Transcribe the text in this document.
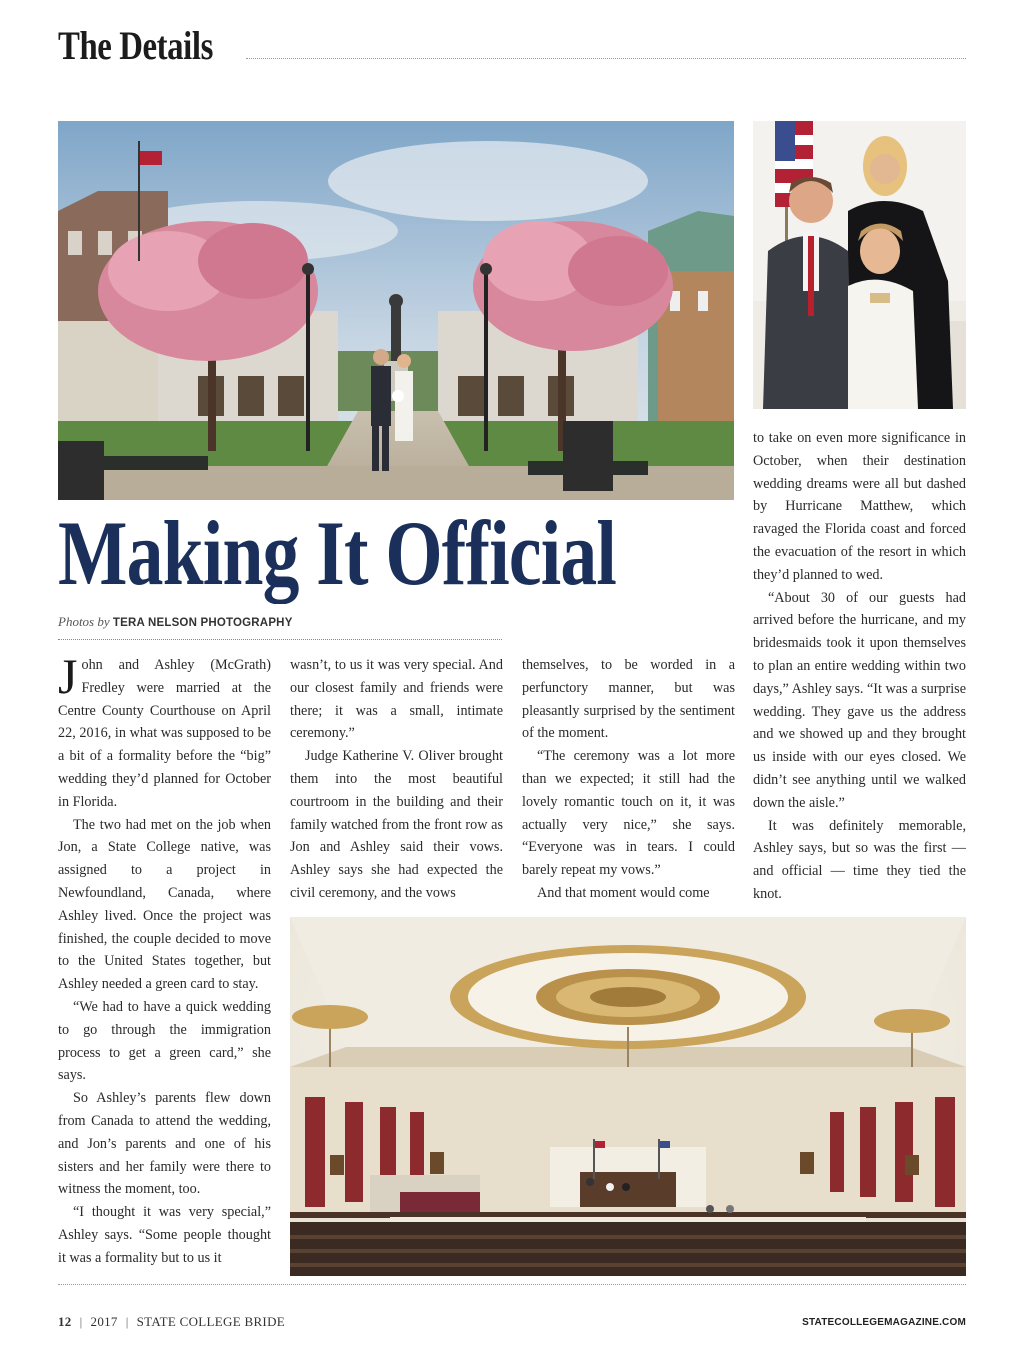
The Details
Making It Official
Photos by TERA NELSON PHOTOGRAPHY

John and Ashley (McGrath) Fredley were married at the Centre County Courthouse on April 22, 2016, in what was supposed to be a bit of a formality before the “big” wedding they’d planned for October in Florida.

The two had met on the job when Jon, a State College native, was assigned to a project in Newfoundland, Canada, where Ashley lived. Once the project was finished, the couple decided to move to the United States together, but Ashley needed a green card to stay.

“We had to have a quick wedding to go through the immigration process to get a green card,” she says.

So Ashley’s parents flew down from Canada to attend the wedding, and Jon’s parents and one of his sisters and her family were there to witness the moment, too.

“I thought it was very special,” Ashley says. “Some people thought it was a formality but to us it

wasn’t, to us it was very special. And our closest family and friends were there; it was a small, intimate ceremony.”

Judge Katherine V. Oliver brought them into the most beautiful courtroom in the building and their family watched from the front row as Jon and Ashley said their vows. Ashley says she had expected the civil ceremony, and the vows

themselves, to be worded in a perfunctory manner, but was pleasantly surprised by the sentiment of the moment.

“The ceremony was a lot more than we expected; it still had the lovely romantic touch on it, it was actually very nice,” she says. “Everyone was in tears. I could barely repeat my vows.”

And that moment would come

to take on even more significance in October, when their destination wedding dreams were all but dashed by Hurricane Matthew, which ravaged the Florida coast and forced the evacuation of the resort in which they’d planned to wed.

“About 30 of our guests had arrived before the hurricane, and my bridesmaids took it upon themselves to plan an entire wedding within two days,” Ashley says. “It was a surprise wedding. They gave us the address and we showed up and they brought us inside with our eyes closed. We didn’t see anything until we walked down the aisle.”

It was definitely memorable, Ashley says, but so was the first — and official — time they tied the knot.

12 | 2017 | STATE COLLEGE BRIDE	STATECOLLEGEMAGAZINE.COM
